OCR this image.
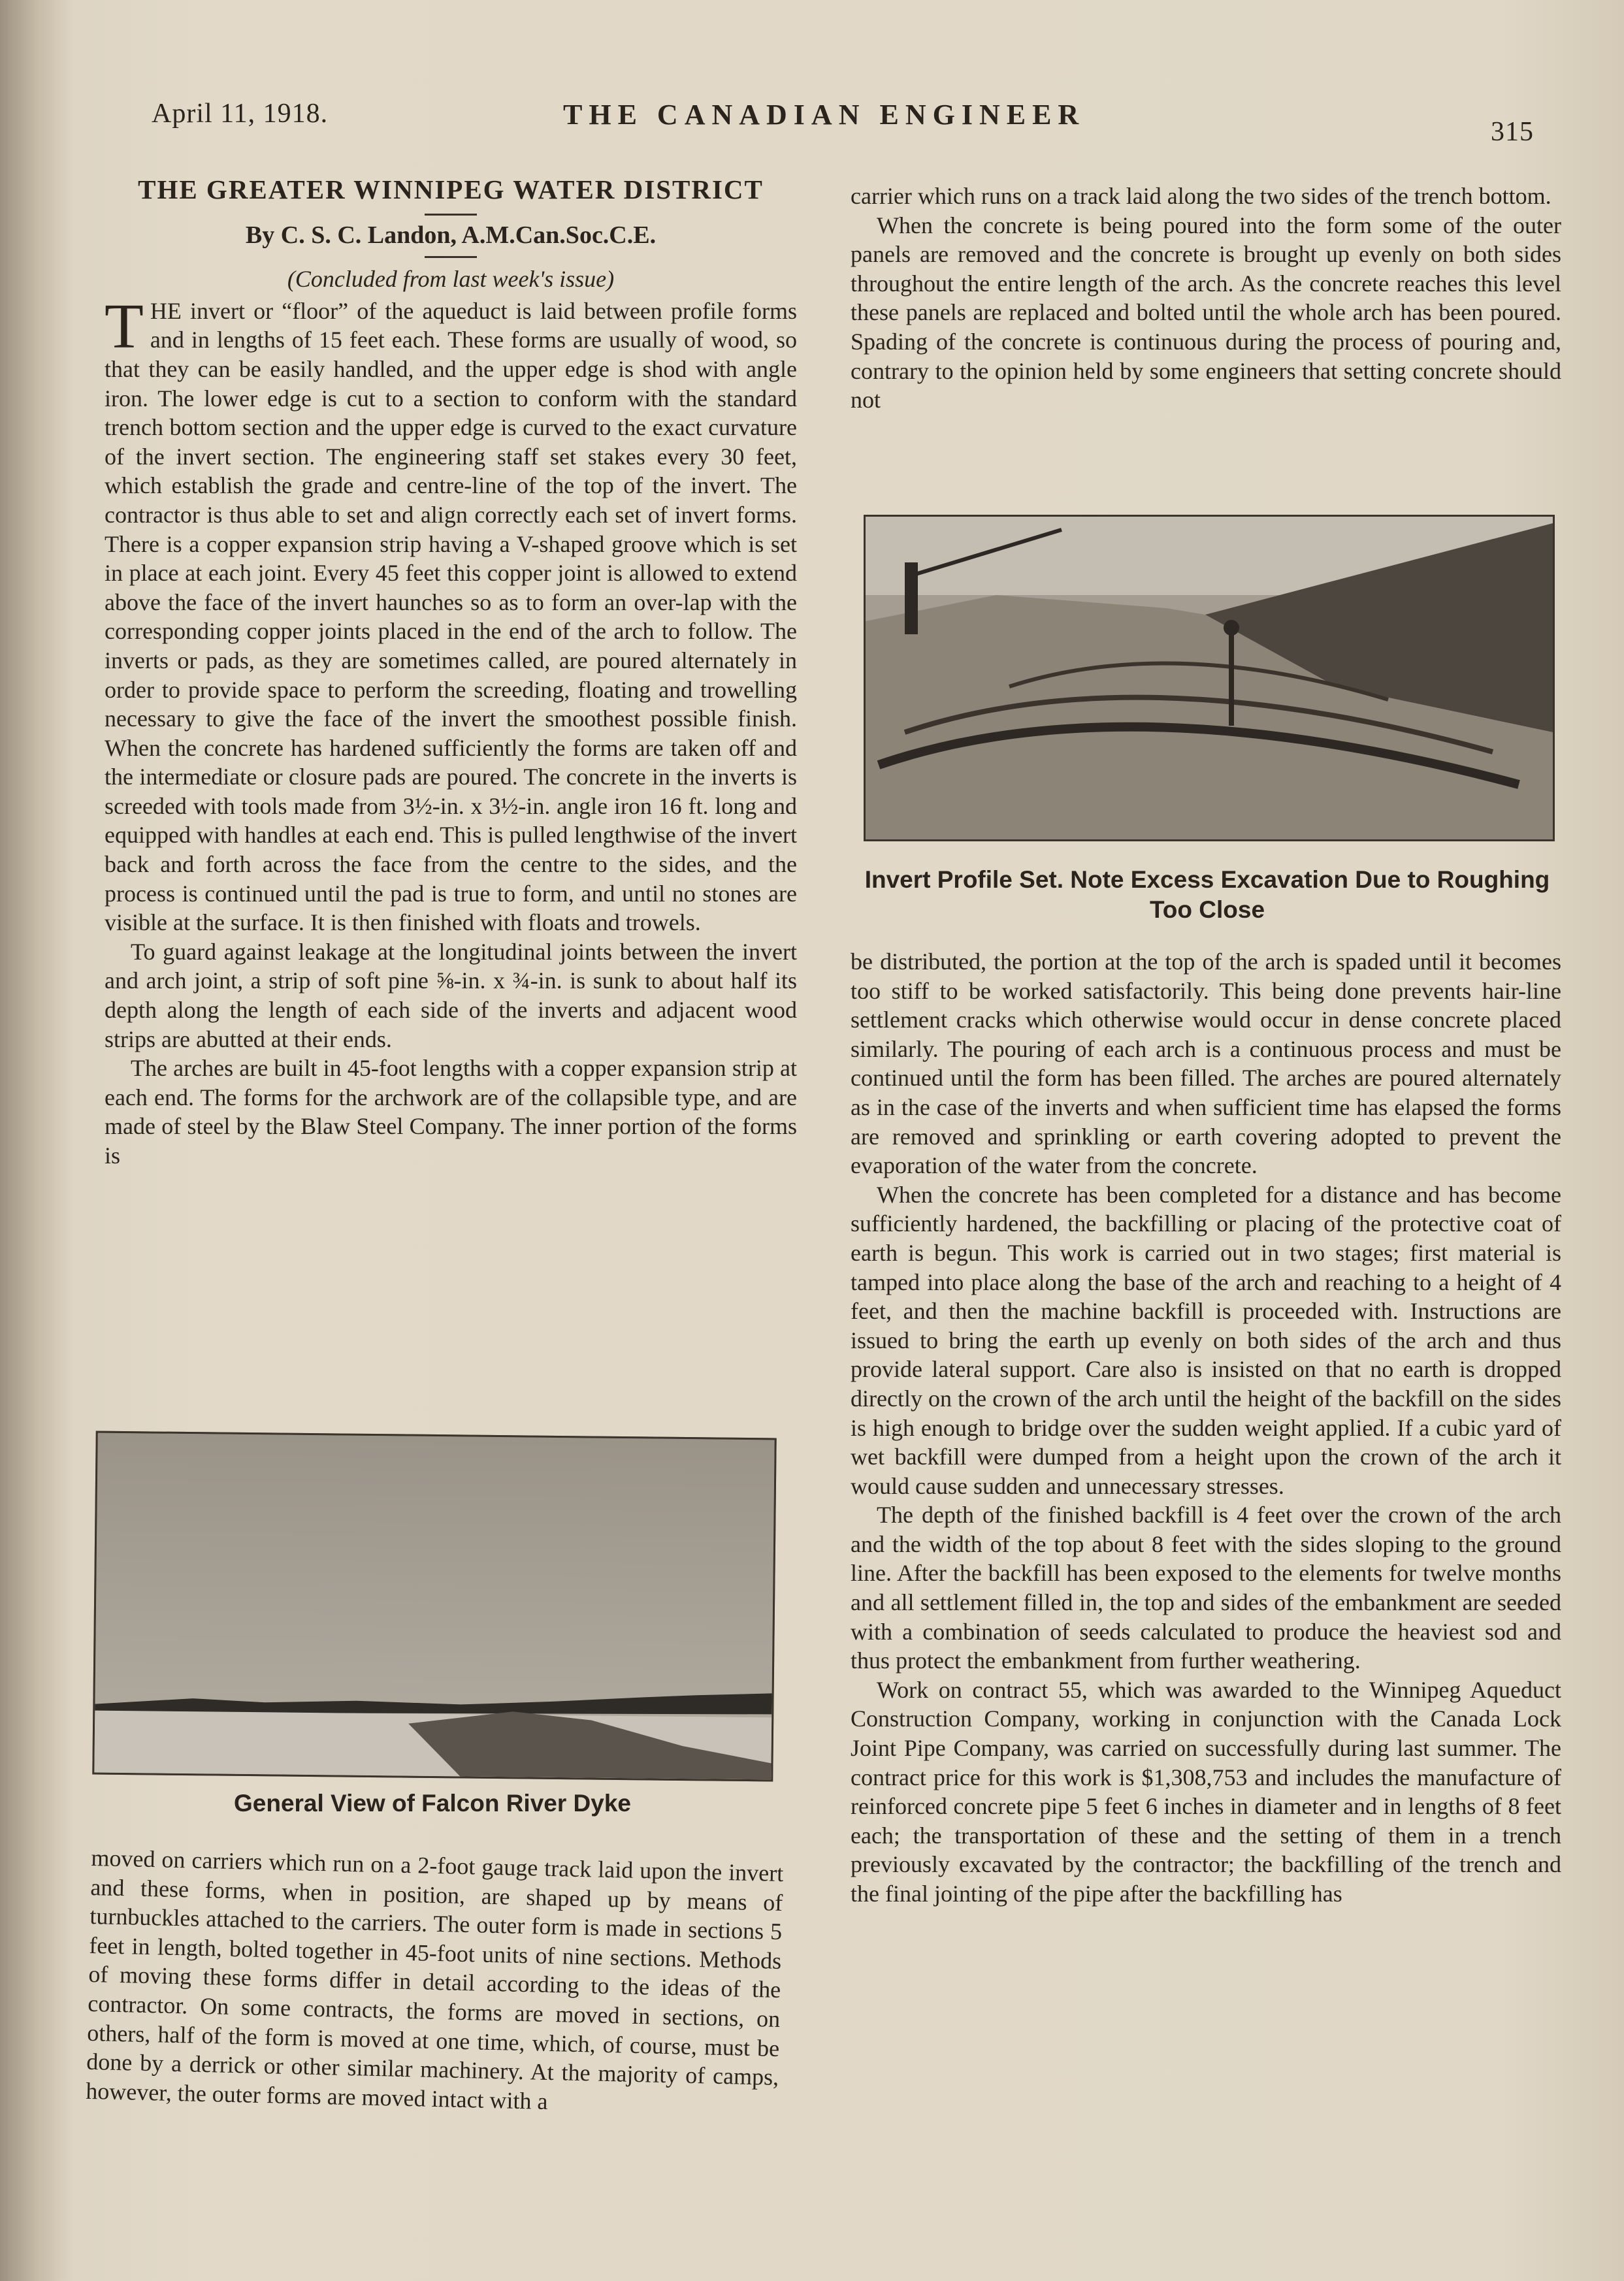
April 11, 1918.	THE CANADIAN ENGINEER
315
THE GREATER WINNIPEG WATER DISTRICT
By C. S. C. Landon, A.M.Can.Soc.C.E.
(Concluded from last week's issue)

THE invert or “floor” of the aqueduct is laid between profile forms and in lengths of 15 feet each. These forms are usually of wood, so that they can be easily handled, and the upper edge is shod with angle iron. The lower edge is cut to a section to conform with the standard trench bottom section and the upper edge is curved to the exact curvature of the invert section. The engineering staff set stakes every 30 feet, which establish the grade and centre-line of the top of the invert. The contractor is thus able to set and align correctly each set of invert forms. There is a copper expansion strip having a V-shaped groove which is set in place at each joint. Every 45 feet this copper joint is allowed to extend above the face of the invert haunches so as to form an over-lap with the corresponding copper joints placed in the end of the arch to follow. The inverts or pads, as they are sometimes called, are poured alternately in order to provide space to perform the screeding, floating and trowelling necessary to give the face of the invert the smoothest possible finish. When the concrete has hardened sufficiently the forms are taken off and the intermediate or closure pads are poured. The concrete in the inverts is screeded with tools made from 3½-in. x 3½-in. angle iron 16 ft. long and equipped with handles at each end. This is pulled lengthwise of the invert back and forth across the face from the centre to the sides, and the process is continued until the pad is true to form, and until no stones are visible at the surface. It is then finished with floats and trowels.

To guard against leakage at the longitudinal joints between the invert and arch joint, a strip of soft pine ⅝-in. x ¾-in. is sunk to about half its depth along the length of each side of the inverts and adjacent wood strips are abutted at their ends.

The arches are built in 45-foot lengths with a copper expansion strip at each end. The forms for the archwork are of the collapsible type, and are made of steel by the Blaw Steel Company. The inner portion of the forms is

General View of Falcon River Dyke

moved on carriers which run on a 2-foot gauge track laid upon the invert and these forms, when in position, are shaped up by means of turnbuckles attached to the carriers. The outer form is made in sections 5 feet in length, bolted together in 45-foot units of nine sections. Methods of moving these forms differ in detail according to the ideas of the contractor. On some contracts, the forms are moved in sections, on others, half of the form is moved at one time, which, of course, must be done by a derrick or other similar machinery. At the majority of camps, however, the outer forms are moved intact with a

carrier which runs on a track laid along the two sides of the trench bottom.

When the concrete is being poured into the form some of the outer panels are removed and the concrete is brought up evenly on both sides throughout the entire length of the arch. As the concrete reaches this level these panels are replaced and bolted until the whole arch has been poured. Spading of the concrete is continuous during the process of pouring and, contrary to the opinion held by some engineers that setting concrete should not

Invert Profile Set. Note Excess Excavation Due to Roughing Too Close

be distributed, the portion at the top of the arch is spaded until it becomes too stiff to be worked satisfactorily. This being done prevents hair-line settlement cracks which otherwise would occur in dense concrete placed similarly. The pouring of each arch is a continuous process and must be continued until the form has been filled. The arches are poured alternately as in the case of the inverts and when sufficient time has elapsed the forms are removed and sprinkling or earth covering adopted to prevent the evaporation of the water from the concrete.

When the concrete has been completed for a distance and has become sufficiently hardened, the backfilling or placing of the protective coat of earth is begun. This work is carried out in two stages; first material is tamped into place along the base of the arch and reaching to a height of 4 feet, and then the machine backfill is proceeded with. Instructions are issued to bring the earth up evenly on both sides of the arch and thus provide lateral support. Care also is insisted on that no earth is dropped directly on the crown of the arch until the height of the backfill on the sides is high enough to bridge over the sudden weight applied. If a cubic yard of wet backfill were dumped from a height upon the crown of the arch it would cause sudden and unnecessary stresses.

The depth of the finished backfill is 4 feet over the crown of the arch and the width of the top about 8 feet with the sides sloping to the ground line. After the backfill has been exposed to the elements for twelve months and all settlement filled in, the top and sides of the embankment are seeded with a combination of seeds calculated to produce the heaviest sod and thus protect the embankment from further weathering.

Work on contract 55, which was awarded to the Winnipeg Aqueduct Construction Company, working in conjunction with the Canada Lock Joint Pipe Company, was carried on successfully during last summer. The contract price for this work is $1,308,753 and includes the manufacture of reinforced concrete pipe 5 feet 6 inches in diameter and in lengths of 8 feet each; the transportation of these and the setting of them in a trench previously excavated by the contractor; the backfilling of the trench and the final jointing of the pipe after the backfilling has
